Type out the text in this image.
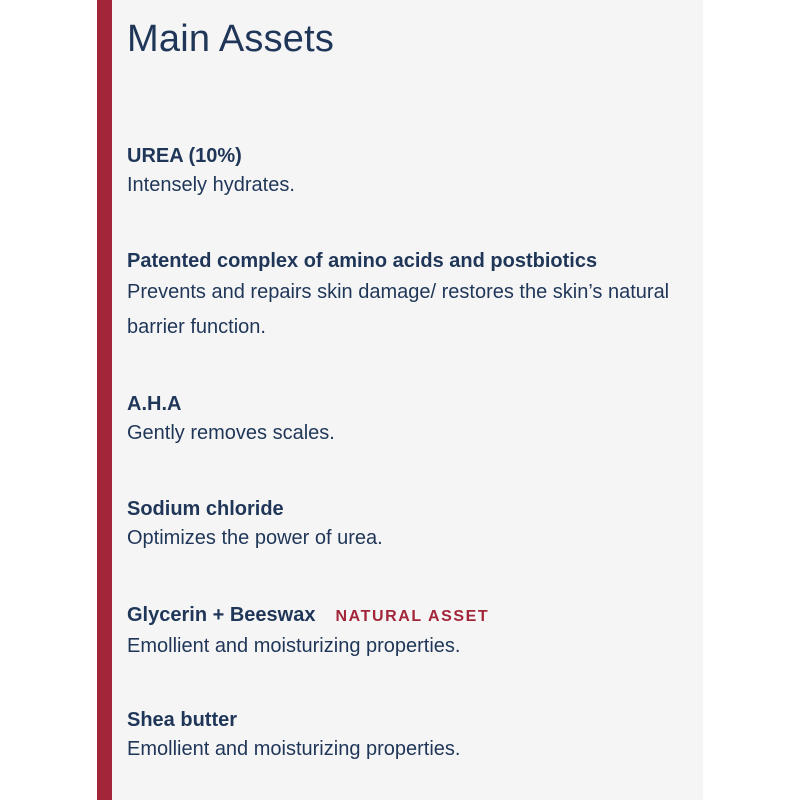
Main Assets
UREA (10%)
Intensely hydrates.
Patented complex of amino acids and postbiotics
Prevents and repairs skin damage/ restores the skin’s natural barrier function.
A.H.A
Gently removes scales.
Sodium chloride
Optimizes the power of urea.
Glycerin + Beeswax NATURAL ASSET
Emollient and moisturizing properties.
Shea butter
Emollient and moisturizing properties.
